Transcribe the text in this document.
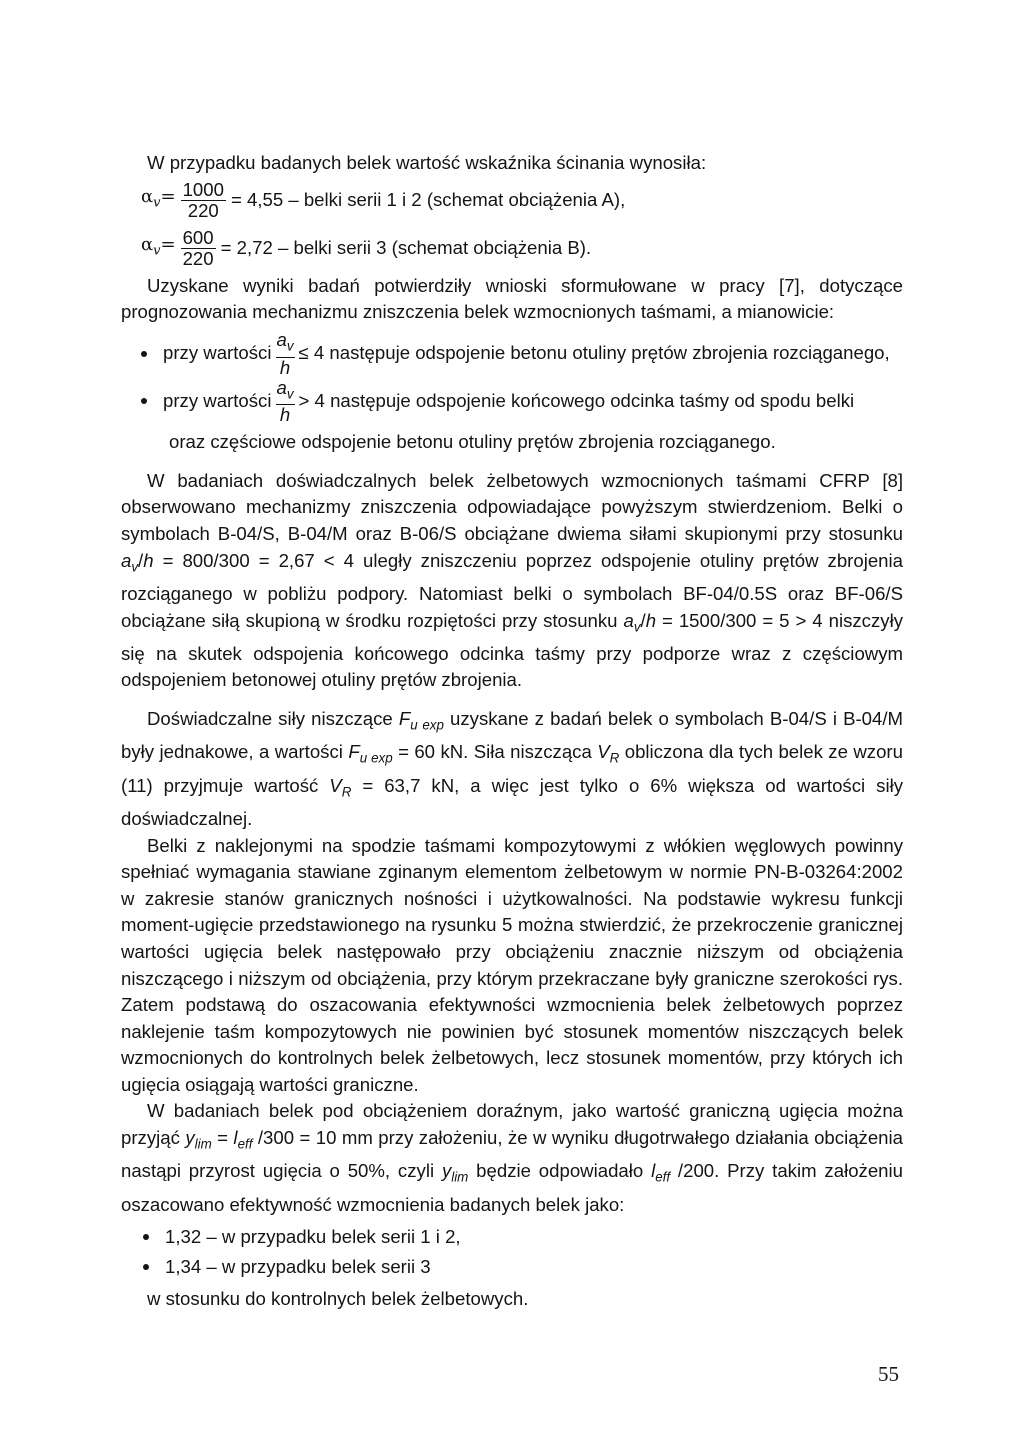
W przypadku badanych belek wartość wskaźnika ścinania wynosiła:

$\alpha_v= \frac{1000}{220} = 4,55$ – belki serii 1 i 2 (schemat obciążenia A),
$\alpha_v= \frac{600}{220} = 2,72$ – belki serii 3 (schemat obciążenia B).

Uzyskane wyniki badań potwierdziły wnioski sformułowane w pracy [7], dotyczące prognozowania mechanizmu zniszczenia belek wzmocnionych taśmami, a mianowicie:

przy wartości $\frac{a_v}{h} \le 4$ następuje odspojenie betonu otuliny prętów zbrojenia rozciąganego,
przy wartości $\frac{a_v}{h} > 4$ następuje odspojenie końcowego odcinka taśmy od spodu belki

oraz częściowe odspojenie betonu otuliny prętów zbrojenia rozciąganego.

W badaniach doświadczalnych belek żelbetowych wzmocnionych taśmami CFRP [8] obserwowano mechanizmy zniszczenia odpowiadające powyższym stwierdzeniom. Belki o symbolach B-04/S, B-04/M oraz B-06/S obciążane dwiema siłami skupionymi przy stosunku $a_v/h = 800/300 = 2,67 < 4$ uległy zniszczeniu poprzez odspojenie otuliny prętów zbrojenia rozciąganego w pobliżu podpory. Natomiast belki o symbolach BF-04/0.5S oraz BF-06/S obciążane siłą skupioną w środku rozpiętości przy stosunku $a_v/h = 1500/300 = 5 > 4$ niszczyły się na skutek odspojenia końcowego odcinka taśmy przy podporze wraz z częściowym odspojeniem betonowej otuliny prętów zbrojenia.

Doświadczalne siły niszczące $F_{u exp}$ uzyskane z badań belek o symbolach B-04/S i B-04/M były jednakowe, a wartości $F_{u exp} = 60$ kN. Siła niszcząca $V_R$ obliczona dla tych belek ze wzoru (11) przyjmuje wartość $V_R = 63,7$ kN, a więc jest tylko o 6% większa od wartości siły doświadczalnej.

Belki z naklejonymi na spodzie taśmami kompozytowymi z włókien węglowych powinny spełniać wymagania stawiane zginanym elementom żelbetowym w normie PN-B-03264:2002 w zakresie stanów granicznych nośności i użytkowalności. Na podstawie wykresu funkcji moment-ugięcie przedstawionego na rysunku 5 można stwierdzić, że przekroczenie granicznej wartości ugięcia belek następowało przy obciążeniu znacznie niższym od obciążenia niszczącego i niższym od obciążenia, przy którym przekraczane były graniczne szerokości rys. Zatem podstawą do oszacowania efektywności wzmocnienia belek żelbetowych poprzez naklejenie taśm kompozytowych nie powinien być stosunek momentów niszczących belek wzmocnionych do kontrolnych belek żelbetowych, lecz stosunek momentów, przy których ich ugięcia osiągają wartości graniczne.

W badaniach belek pod obciążeniem doraźnym, jako wartość graniczną ugięcia można przyjąć $y_{lim} = l_{eff}$ /300 = 10 mm przy założeniu, że w wyniku długotrwałego działania obciążenia nastąpi przyrost ugięcia o 50%, czyli $y_{lim}$ będzie odpowiadało $l_{eff}$ /200. Przy takim założeniu oszacowano efektywność wzmocnienia badanych belek jako:

1,32 – w przypadku belek serii 1 i 2,
1,34 – w przypadku belek serii 3

w stosunku do kontrolnych belek żelbetowych.

55
